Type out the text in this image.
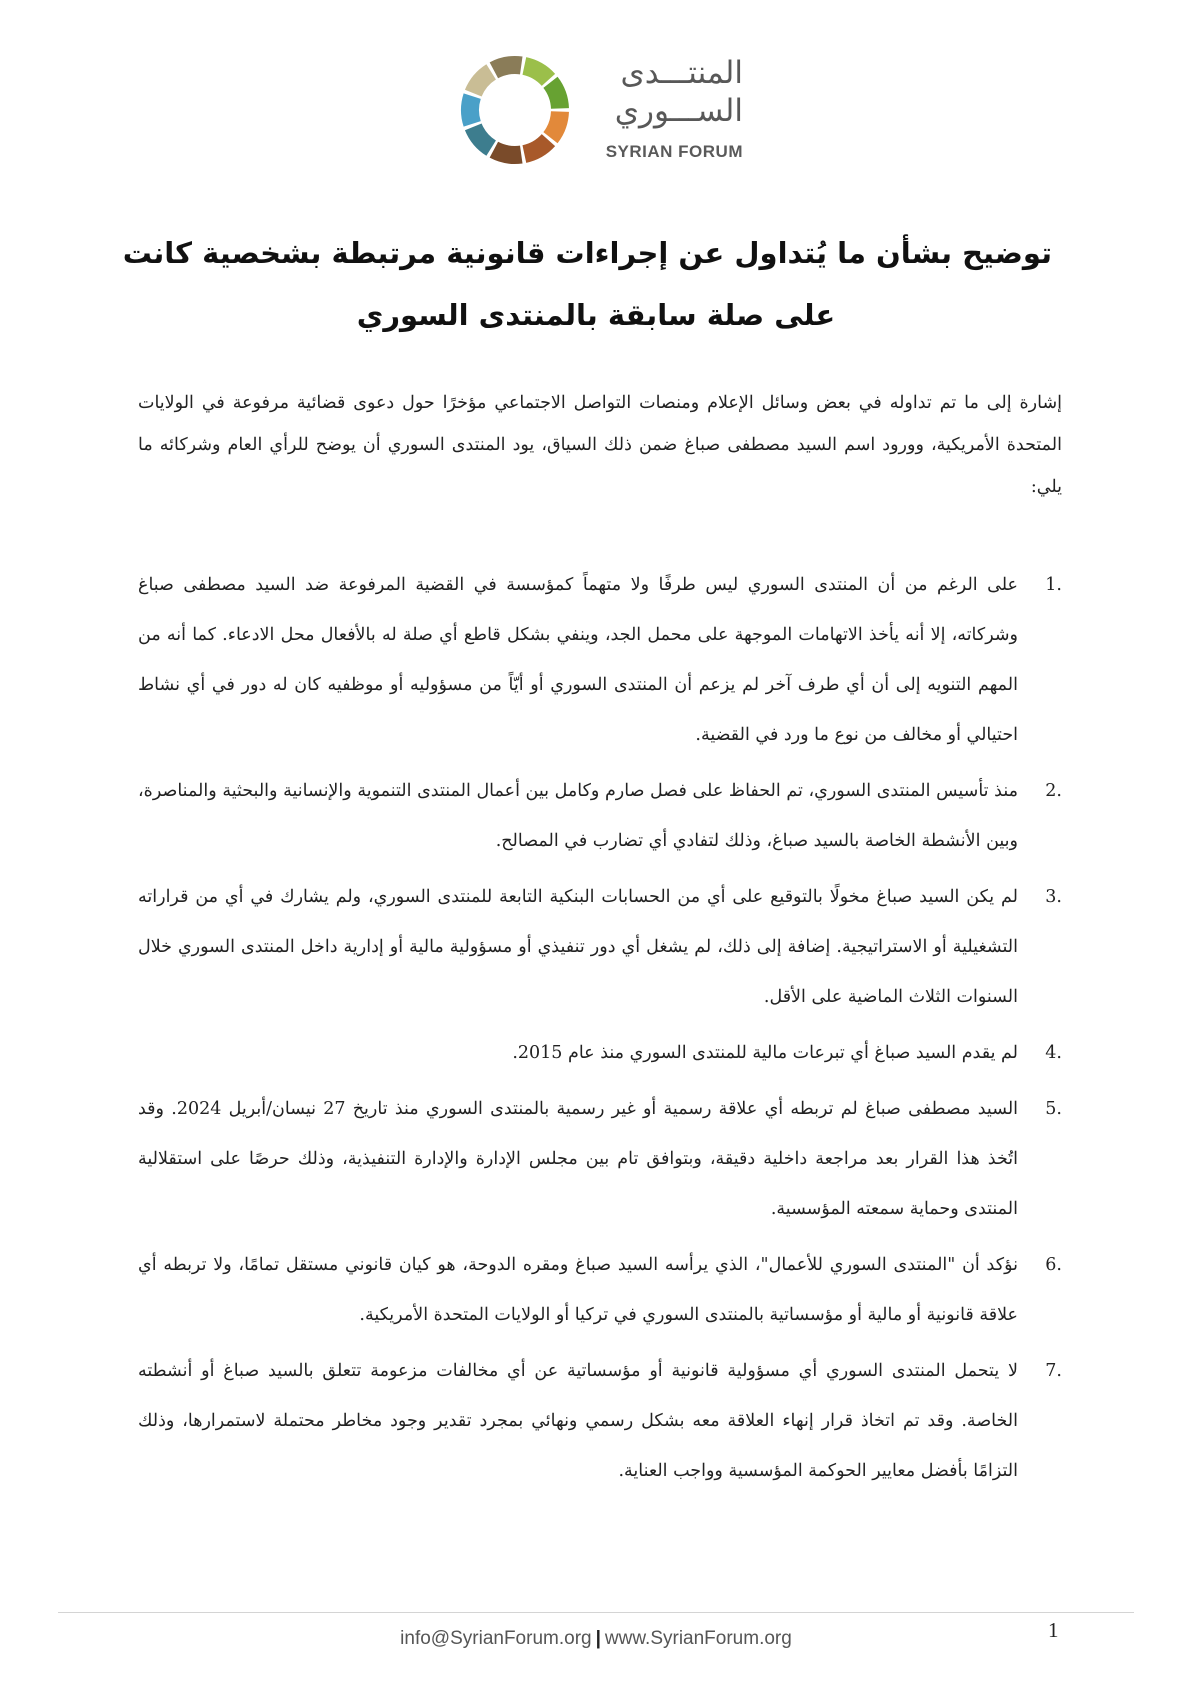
المنتـــدى
الســـوري
SYRIAN FORUM
توضيح بشأن ما يُتداول عن إجراءات قانونية مرتبطة بشخصية كانت
على صلة سابقة بالمنتدى السوري

إشارة إلى ما تم تداوله في بعض وسائل الإعلام ومنصات التواصل الاجتماعي مؤخرًا حول دعوى قضائية مرفوعة في الولايات المتحدة الأمريكية، وورود اسم السيد مصطفى صباغ ضمن ذلك السياق، يود المنتدى السوري أن يوضح للرأي العام وشركائه ما يلي:

1.
على الرغم من أن المنتدى السوري ليس طرفًا ولا متهماً كمؤسسة في القضية المرفوعة ضد السيد مصطفى صباغ وشركاته، إلا أنه يأخذ الاتهامات الموجهة على محمل الجد، وينفي بشكل قاطع أي صلة له بالأفعال محل الادعاء. كما أنه من المهم التنويه إلى أن أي طرف آخر لم يزعم أن المنتدى السوري أو أيّاً من مسؤوليه أو موظفيه كان له دور في أي نشاط احتيالي أو مخالف من نوع ما ورد في القضية.
2.
منذ تأسيس المنتدى السوري، تم الحفاظ على فصل صارم وكامل بين أعمال المنتدى التنموية والإنسانية والبحثية والمناصرة، وبين الأنشطة الخاصة بالسيد صباغ، وذلك لتفادي أي تضارب في المصالح.
3.
لم يكن السيد صباغ مخولًا بالتوقيع على أي من الحسابات البنكية التابعة للمنتدى السوري، ولم يشارك في أي من قراراته التشغيلية أو الاستراتيجية. إضافة إلى ذلك، لم يشغل أي دور تنفيذي أو مسؤولية مالية أو إدارية داخل المنتدى السوري خلال السنوات الثلاث الماضية على الأقل.
4.
لم يقدم السيد صباغ أي تبرعات مالية للمنتدى السوري منذ عام 2015.
5.
السيد مصطفى صباغ لم تربطه أي علاقة رسمية أو غير رسمية بالمنتدى السوري منذ تاريخ 27 نيسان/أبريل 2024. وقد اتُخذ هذا القرار بعد مراجعة داخلية دقيقة، وبتوافق تام بين مجلس الإدارة والإدارة التنفيذية، وذلك حرصًا على استقلالية المنتدى وحماية سمعته المؤسسية.
6.
نؤكد أن "المنتدى السوري للأعمال"، الذي يرأسه السيد صباغ ومقره الدوحة، هو كيان قانوني مستقل تمامًا، ولا تربطه أي علاقة قانونية أو مالية أو مؤسساتية بالمنتدى السوري في تركيا أو الولايات المتحدة الأمريكية.
7.
لا يتحمل المنتدى السوري أي مسؤولية قانونية أو مؤسساتية عن أي مخالفات مزعومة تتعلق بالسيد صباغ أو أنشطته الخاصة. وقد تم اتخاذ قرار إنهاء العلاقة معه بشكل رسمي ونهائي بمجرد تقدير وجود مخاطر محتملة لاستمرارها، وذلك التزامًا بأفضل معايير الحوكمة المؤسسية وواجب العناية.
info@SyrianForum.org | www.SyrianForum.org	1
